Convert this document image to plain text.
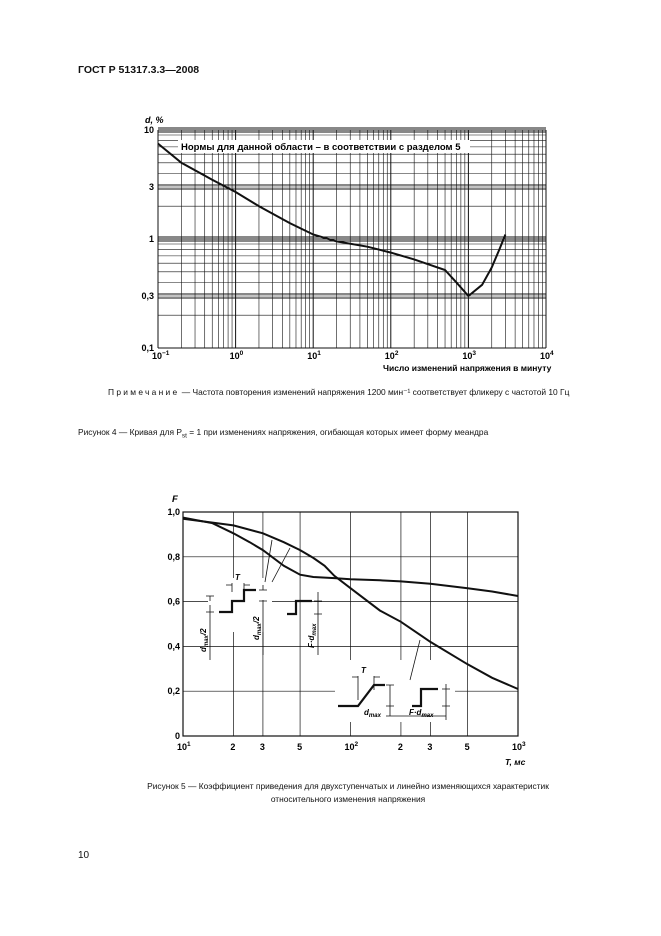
ГОСТ Р 51317.3.3—2008
Нормы для данной области – в соответствии с разделом 5
d, %
10
3
1
0,3
0,1
$10^{-1}$	$10^0$	$10^1$	$10^2$	$10^3$	$10^4$
Число изменений напряжения в минуту
Примечание — Частота повторения изменений напряжения 1200 мин⁻¹ соответствует фликеру с частотой 10 Гц
Рисунок 4 — Кривая для $P_{st} = 1$ при изменениях напряжения, огибающая которых имеет форму меандра
F
1,0
0,8
0,6
0,4
0,2
0
$10^1$	2	3	5	$10^2$	2	3	5	$10^3$
T, мс
T
$d_{max}/2$
$d_{max}/2$
$F\cdot d_{max}$
T
$d_{max}$	$F\cdot d_{max}$
Рисунок 5 — Коэффициент приведения для двухступенчатых и линейно изменяющихся характеристик
относительного изменения напряжения
10
